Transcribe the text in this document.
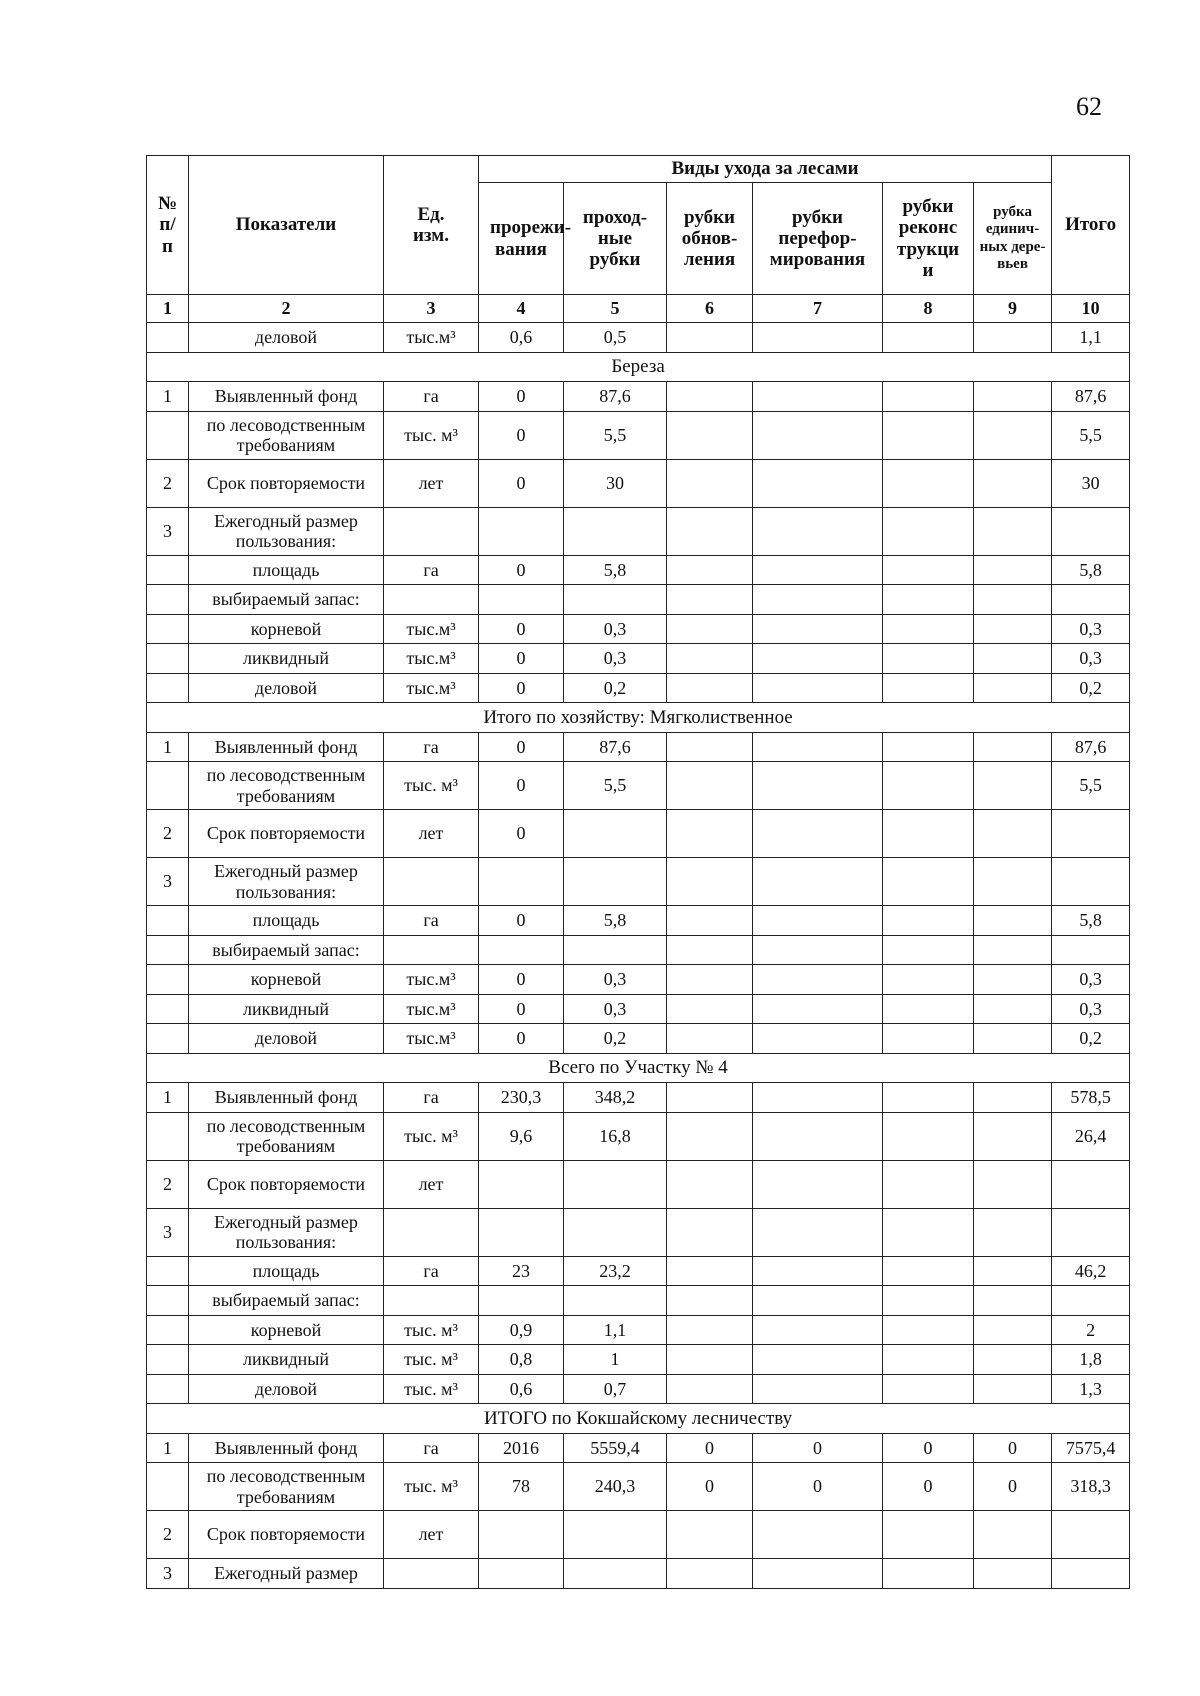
62
№ п/ п	Показатели	Ед. изм.	Виды ухода за лесами						Итого
			прореживания	проходные рубки	рубки обновления	рубки переформирования	рубки реконс трукци и	рубка единичных деревьев	
1	2	3	4	5	6	7	8	9	10
	деловой	тыс.м³	0,6	0,5					1,1
Береза									
1	Выявленный фонд	га	0	87,6					87,6
	по лесоводственным требованиям	тыс. м³	0	5,5					5,5
2	Срок повторяемости	лет	0	30					30
3	Ежегодный размер пользования:								
	площадь	га	0	5,8					5,8
	выбираемый запас:								
	корневой	тыс.м³	0	0,3					0,3
	ликвидный	тыс.м³	0	0,3					0,3
	деловой	тыс.м³	0	0,2					0,2
Итого по хозяйству: Мягколиственное									
1	Выявленный фонд	га	0	87,6					87,6
	по лесоводственным требованиям	тыс. м³	0	5,5					5,5
2	Срок повторяемости	лет	0						
3	Ежегодный размер пользования:								
	площадь	га	0	5,8					5,8
	выбираемый запас:								
	корневой	тыс.м³	0	0,3					0,3
	ликвидный	тыс.м³	0	0,3					0,3
	деловой	тыс.м³	0	0,2					0,2
Всего по Участку № 4									
1	Выявленный фонд	га	230,3	348,2					578,5
	по лесоводственным требованиям	тыс. м³	9,6	16,8					26,4
2	Срок повторяемости	лет							
3	Ежегодный размер пользования:								
	площадь	га	23	23,2					46,2
	выбираемый запас:								
	корневой	тыс. м³	0,9	1,1					2
	ликвидный	тыс. м³	0,8	1					1,8
	деловой	тыс. м³	0,6	0,7					1,3
ИТОГО по Кокшайскому лесничеству									
1	Выявленный фонд	га	2016	5559,4	0	0	0	0	7575,4
	по лесоводственным требованиям	тыс. м³	78	240,3	0	0	0	0	318,3
2	Срок повторяемости	лет							
3	Ежегодный размер								
